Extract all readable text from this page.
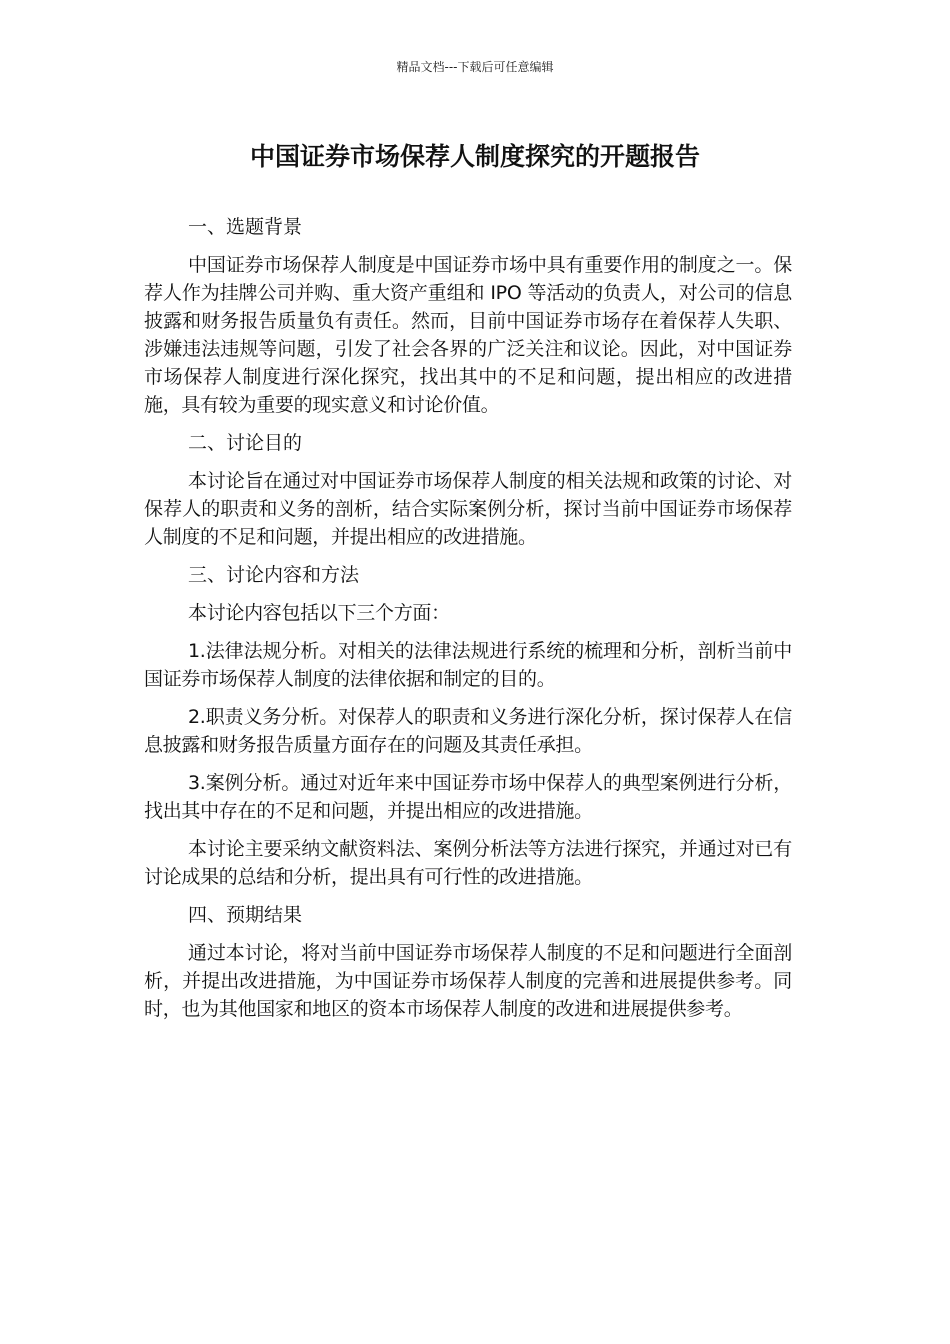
精品文档---下载后可任意编辑
中国证券市场保荐人制度探究的开题报告

一、选题背景

中国证券市场保荐人制度是中国证券市场中具有重要作用的制度之一。保荐人作为挂牌公司并购、重大资产重组和 IPO 等活动的负责人，对公司的信息披露和财务报告质量负有责任。然而，目前中国证券市场存在着保荐人失职、涉嫌违法违规等问题，引发了社会各界的广泛关注和议论。因此，对中国证券市场保荐人制度进行深化探究，找出其中的不足和问题，提出相应的改进措施，具有较为重要的现实意义和讨论价值。

二、讨论目的

本讨论旨在通过对中国证券市场保荐人制度的相关法规和政策的讨论、对保荐人的职责和义务的剖析，结合实际案例分析，探讨当前中国证券市场保荐人制度的不足和问题，并提出相应的改进措施。

三、讨论内容和方法

本讨论内容包括以下三个方面：

1.法律法规分析。对相关的法律法规进行系统的梳理和分析，剖析当前中国证券市场保荐人制度的法律依据和制定的目的。

2.职责义务分析。对保荐人的职责和义务进行深化分析，探讨保荐人在信息披露和财务报告质量方面存在的问题及其责任承担。

3.案例分析。通过对近年来中国证券市场中保荐人的典型案例进行分析，找出其中存在的不足和问题，并提出相应的改进措施。

本讨论主要采纳文献资料法、案例分析法等方法进行探究，并通过对已有讨论成果的总结和分析，提出具有可行性的改进措施。

四、预期结果

通过本讨论，将对当前中国证券市场保荐人制度的不足和问题进行全面剖析，并提出改进措施，为中国证券市场保荐人制度的完善和进展提供参考。同时，也为其他国家和地区的资本市场保荐人制度的改进和进展提供参考。
